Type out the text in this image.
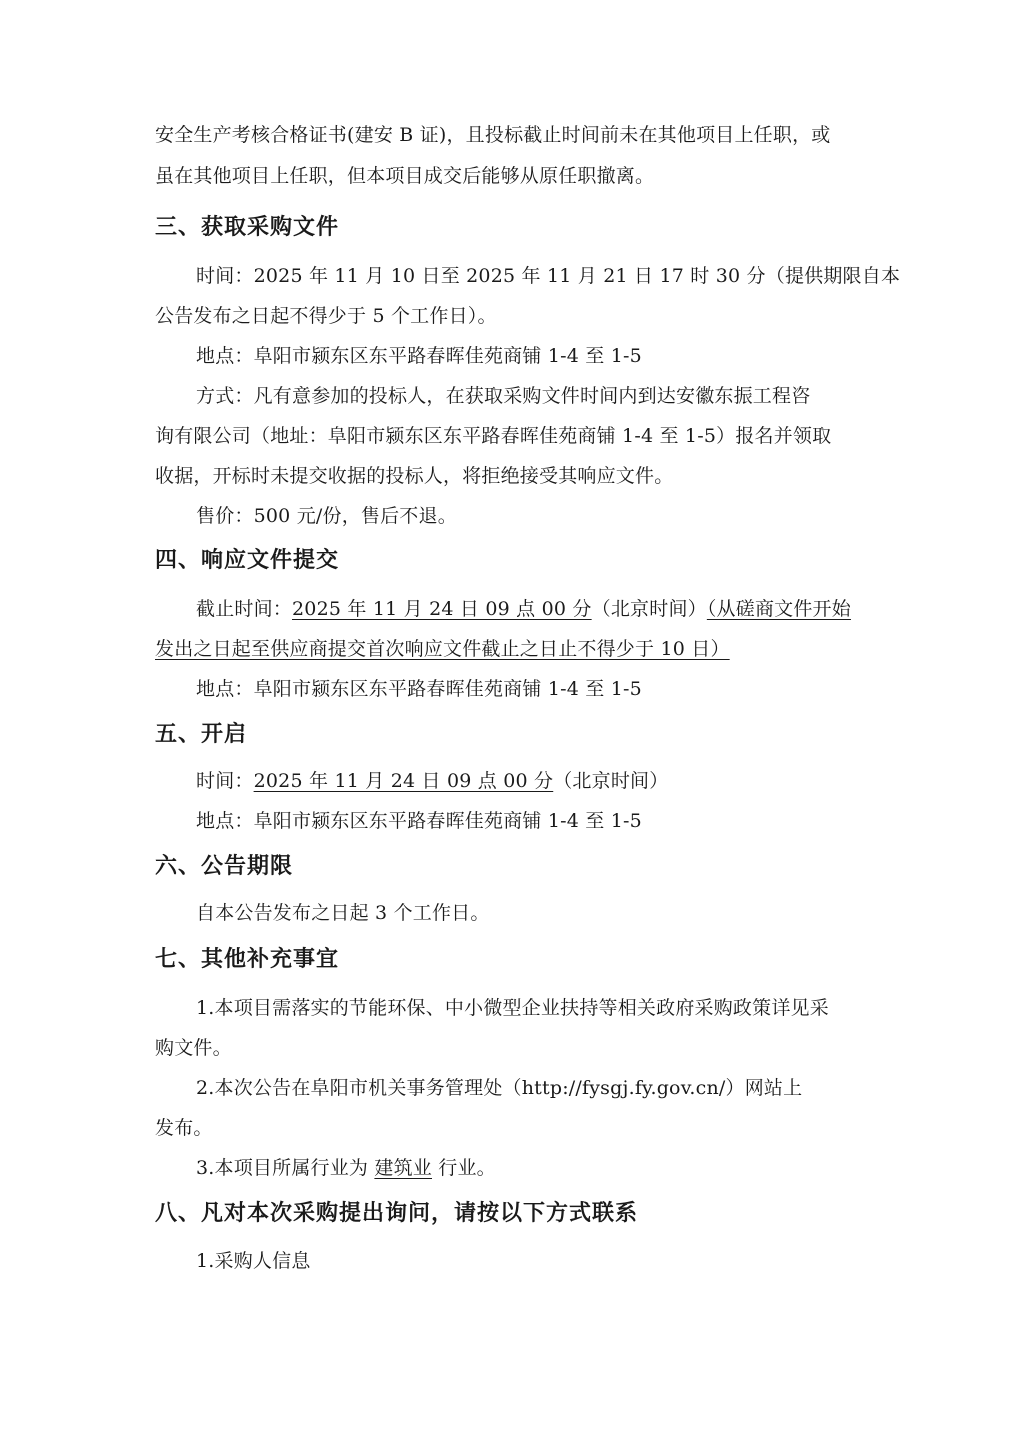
安全生产考核合格证书(建安 B 证)，且投标截止时间前未在其他项目上任职，或
虽在其他项目上任职，但本项目成交后能够从原任职撤离。
三、获取采购文件
时间：2025 年 11 月 10 日至 2025 年 11 月 21 日 17 时 30 分（提供期限自本
公告发布之日起不得少于 5 个工作日）。
地点：阜阳市颍东区东平路春晖佳苑商铺 1-4 至 1-5
方式：凡有意参加的投标人，在获取采购文件时间内到达安徽东振工程咨
询有限公司（地址：阜阳市颍东区东平路春晖佳苑商铺 1-4 至 1-5）报名并领取
收据，开标时未提交收据的投标人，将拒绝接受其响应文件。
售价：500 元/份，售后不退。
四、响应文件提交
截止时间：2025 年 11 月 24 日 09 点 00 分（北京时间）（从磋商文件开始
发出之日起至供应商提交首次响应文件截止之日止不得少于 10 日）
地点：阜阳市颍东区东平路春晖佳苑商铺 1-4 至 1-5
五、开启
时间：2025 年 11 月 24 日 09 点 00 分（北京时间）
地点：阜阳市颍东区东平路春晖佳苑商铺 1-4 至 1-5
六、公告期限
自本公告发布之日起 3 个工作日。
七、其他补充事宜
1.本项目需落实的节能环保、中小微型企业扶持等相关政府采购政策详见采
购文件。
2.本次公告在阜阳市机关事务管理处（http://fysgj.fy.gov.cn/）网站上
发布。
3.本项目所属行业为 建筑业 行业。
八、凡对本次采购提出询问，请按以下方式联系
1.采购人信息
